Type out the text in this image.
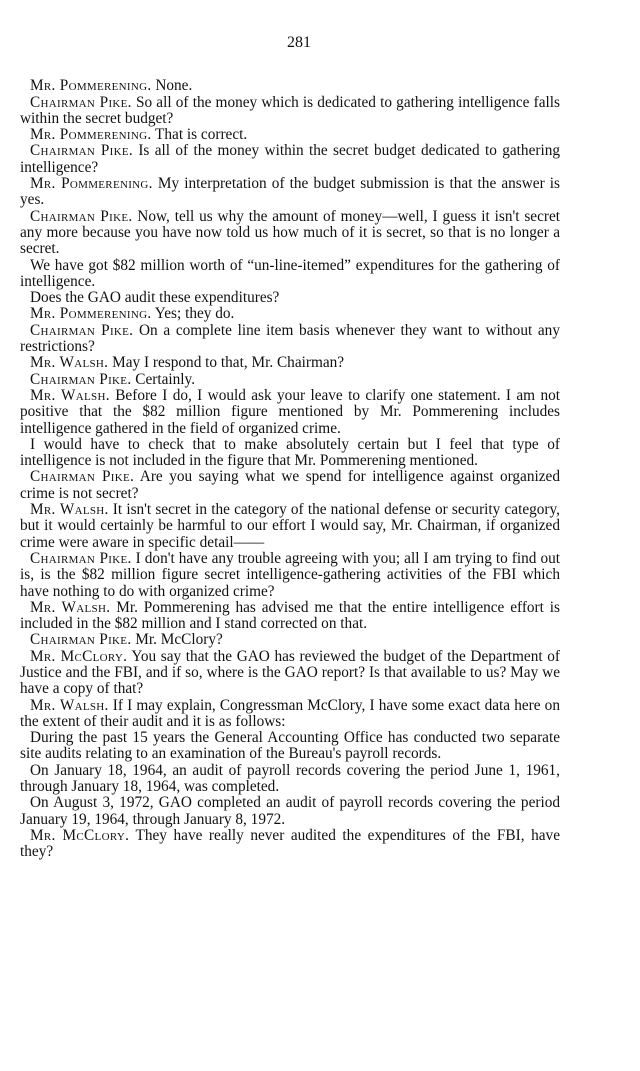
281

Mr. Pommerening. None.

Chairman Pike. So all of the money which is dedicated to gathering intelligence falls within the secret budget?

Mr. Pommerening. That is correct.

Chairman Pike. Is all of the money within the secret budget dedicated to gathering intelligence?

Mr. Pommerening. My interpretation of the budget submission is that the answer is yes.

Chairman Pike. Now, tell us why the amount of money—well, I guess it isn't secret any more because you have now told us how much of it is secret, so that is no longer a secret.

We have got $82 million worth of “un-line-itemed” expenditures for the gathering of intelligence.

Does the GAO audit these expenditures?

Mr. Pommerening. Yes; they do.

Chairman Pike. On a complete line item basis whenever they want to without any restrictions?

Mr. Walsh. May I respond to that, Mr. Chairman?

Chairman Pike. Certainly.

Mr. Walsh. Before I do, I would ask your leave to clarify one statement. I am not positive that the $82 million figure mentioned by Mr. Pommerening includes intelligence gathered in the field of organized crime.

I would have to check that to make absolutely certain but I feel that type of intelligence is not included in the figure that Mr. Pommerening mentioned.

Chairman Pike. Are you saying what we spend for intelligence against organized crime is not secret?

Mr. Walsh. It isn't secret in the category of the national defense or security category, but it would certainly be harmful to our effort I would say, Mr. Chairman, if organized crime were aware in specific detail——

Chairman Pike. I don't have any trouble agreeing with you; all I am trying to find out is, is the $82 million figure secret intelligence-gathering activities of the FBI which have nothing to do with organized crime?

Mr. Walsh. Mr. Pommerening has advised me that the entire intelligence effort is included in the $82 million and I stand corrected on that.

Chairman Pike. Mr. McClory?

Mr. McClory. You say that the GAO has reviewed the budget of the Department of Justice and the FBI, and if so, where is the GAO report? Is that available to us? May we have a copy of that?

Mr. Walsh. If I may explain, Congressman McClory, I have some exact data here on the extent of their audit and it is as follows:

During the past 15 years the General Accounting Office has conducted two separate site audits relating to an examination of the Bureau's payroll records.

On January 18, 1964, an audit of payroll records covering the period June 1, 1961, through January 18, 1964, was completed.

On August 3, 1972, GAO completed an audit of payroll records covering the period January 19, 1964, through January 8, 1972.

Mr. McClory. They have really never audited the expenditures of the FBI, have they?
